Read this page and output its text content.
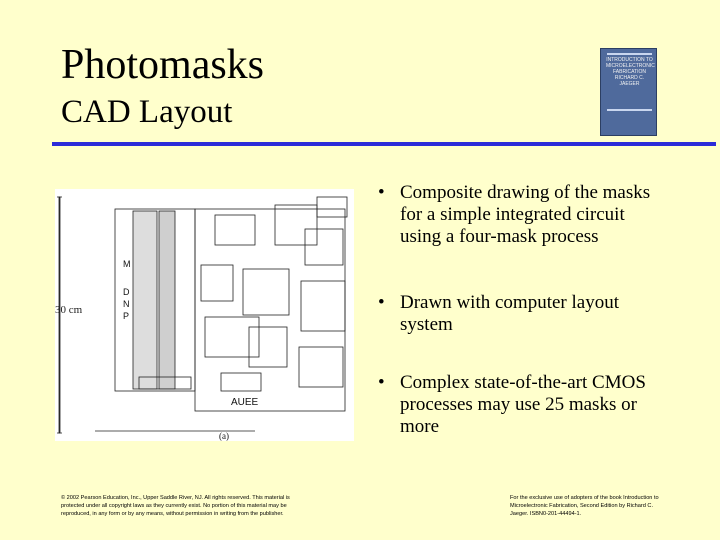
Photomasks
CAD Layout
INTRODUCTION TO
MICROELECTRONIC
FABRICATION
RICHARD C. JAEGER
M
D
N
P
AUEE
(a)
30 cm
• Composite drawing of the masks
for a simple integrated circuit
using a four-mask process
• Drawn with computer layout
system
• Complex state-of-the-art CMOS
processes may use 25 masks or
more
© 2002 Pearson Education, Inc., Upper Saddle River, NJ. All rights reserved. This material is protected under all copyright laws as they currently exist. No portion of this material may be reproduced, in any form or by any means, without permission in writing from the publisher.
For the exclusive use of adopters of the book Introduction to Microelectronic Fabrication, Second Edition by Richard C. Jaeger. ISBN0-201-44494-1.
